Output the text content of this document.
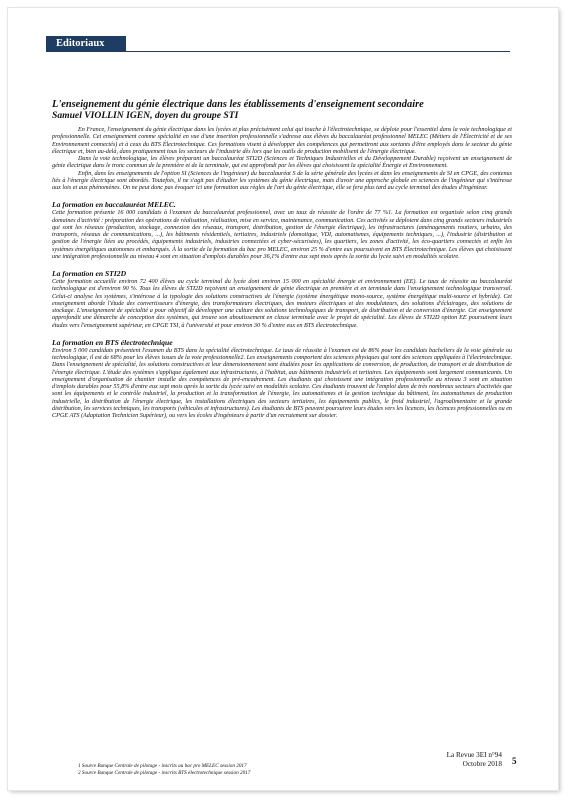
Editoriaux
L'enseignement du génie électrique dans les établissements d'enseignement secondaire
Samuel VIOLLIN IGEN, doyen du groupe STI

En France, l'enseignement du génie électrique dans les lycées et plus précisément celui qui touche à l'électrotechnique, se déploie pour l'essentiel dans la voie technologique et professionnelle. Cet enseignement comme spécialité en vue d'une insertion professionnelle s'adresse aux élèves du baccalauréat professionnel MELEC (Métiers de l'Électricité et de ses Environnement connectés) et à ceux du BTS Électrotechnique. Ces formations visent à développer des compétences qui permettront aux sortants d'être employés dans le secteur du génie électrique et, bien au-delà, dans pratiquement tous les secteurs de l'industrie dès lors que les outils de production mobilisent de l'énergie électrique.

Dans la voie technologique, les élèves préparant un baccalauréat STI2D (Sciences et Techniques Industrielles et du Développement Durable) reçoivent un enseignement de génie électrique dans le tronc commun de la première et de la terminale, qui est approfondi par les élèves qui choisissent la spécialité Énergie et Environnement.

Enfin, dans les enseignements de l'option SI (Sciences de l'ingénieur) du baccalauréat S de la série générale des lycées et dans les enseignements de SI en CPGE, des contenus liés à l'énergie électrique sont abordés. Toutefois, il ne s'agit pas d'étudier les systèmes du génie électrique, mais d'avoir une approche globale en sciences de l'ingénieur qui s'intéresse aux lois et aux phénomènes. On ne peut donc pas évoquer ici une formation aux règles de l'art du génie électrique, elle se fera plus tard au cycle terminal des études d'ingénieur.

La formation en baccalauréat MELEC.

Cette formation présente 16 000 candidats à l'examen du baccalauréat professionnel, avec un taux de réussite de l'ordre de 77 %1. La formation est organisée selon cinq grands domaines d'activité : préparation des opérations de réalisation, réalisation, mise en service, maintenance, communication. Ces activités se déploient dans cinq grands secteurs industriels qui sont les réseaux (production, stockage, connexion des réseaux, transport, distribution, gestion de l'énergie électrique), les infrastructures (aménagements routiers, urbains, des transports, réseaux de communications, ...), les bâtiments résidentiels, tertiaires, industriels (domotique, VDI, automatismes, équipements techniques, ...), l'industrie (distribution et gestion de l'énergie liées au procédés, équipements industriels, industries connectées et cyber-sécurisées), les quartiers, les zones d'activité, les éco-quartiers connectés et enfin les systèmes énergétiques autonomes et embarqués. À la sortie de la formation du bac pro MELEC, environ 25 % d'entre eux poursuivent en BTS Électrotechnique. Les élèves qui choisissent une intégration professionnelle au niveau 4 sont en situation d'emplois durables pour 36,1% d'entre eux sept mois après la sortie du lycée suivi en modalités scolaire.

La formation en STI2D

Cette formation accueille environ 72 400 élèves au cycle terminal du lycée dont environ 15 000 en spécialité énergie et environnement (EE). Le taux de réussite au baccalauréat technologique est d'environ 90 %. Tous les élèves de STI2D reçoivent un enseignement de génie électrique en première et en terminale dans l'enseignement technologique transversal. Celui-ci analyse les systèmes, s'intéresse à la typologie des solutions constructives de l'énergie (système énergétique mono-source, système énergétique multi-source et hybride). Cet enseignement aborde l'étude des convertisseurs d'énergie, des transformateurs électriques, des moteurs électriques et des modulateurs, des solutions d'éclairages, des solutions de stockage. L'enseignement de spécialité a pour objectif de développer une culture des solutions technologiques de transport, de distribution et de conversion d'énergie. Cet enseignement approfondit une démarche de conception des systèmes, qui trouve son aboutissement en classe terminale avec le projet de spécialité. Les élèves de STI2D option EE poursuivent leurs études vers l'enseignement supérieur, en CPGE TSI, à l'université et pour environ 30 % d'entre eux en BTS électrotechnique.

La formation en BTS électrotechnique

Environ 5 000 candidats présentent l'examen du BTS dans la spécialité électrotechnique. Le taux de réussite à l'examen est de 86% pour les candidats bacheliers de la voie générale ou technologique, il est de 68% pour les élèves issues de la voie professionnelle2. Les enseignements comportent des sciences physiques qui sont des sciences appliquées à l'électrotechnique. Dans l'enseignement de spécialité, les solutions constructives et leur dimensionnement sont étudiées pour les applications de conversion, de production, de transport et de distribution de l'énergie électrique. L'étude des systèmes s'applique également aux infrastructures, à l'habitat, aux bâtiments industriels et tertiaires. Les équipements sont largement communicants. Un enseignement d'organisation de chantier installe des compétences de pré-encadrement. Les étudiants qui choisissent une intégration professionnelle au niveau 3 sont en situation d'emplois durables pour 55,8% d'entre eux sept mois après la sortie du lycée suivi en modalités scolaire. Ces étudiants trouvent de l'emploi dans de très nombreux secteurs d'activités que sont les équipements et le contrôle industriel, la production et la transformation de l'énergie, les automatismes et la gestion technique du bâtiment, les automatismes de production industrielle, la distribution de l'énergie électrique, les installations électriques des secteurs tertiaires, les équipements publics, le froid industriel, l'agroalimentaire et la grande distribution, les services techniques, les transports (véhicules et infrastructures). Les étudiants de BTS peuvent poursuivre leurs études vers les licences, les licences professionnelles ou en CPGE ATS (Adaptation Technicien Supérieur), ou vers les écoles d'ingénieurs à partir d'un recrutement sur dossier.

1 Source Banque Centrale de pilotage - inscrits au bac pro MELEC session 2017
2 Source Banque Centrale de pilotage - inscrits BTS électrotechnique session 2017
La Revue 3EI n°94
Octobre 2018 5
